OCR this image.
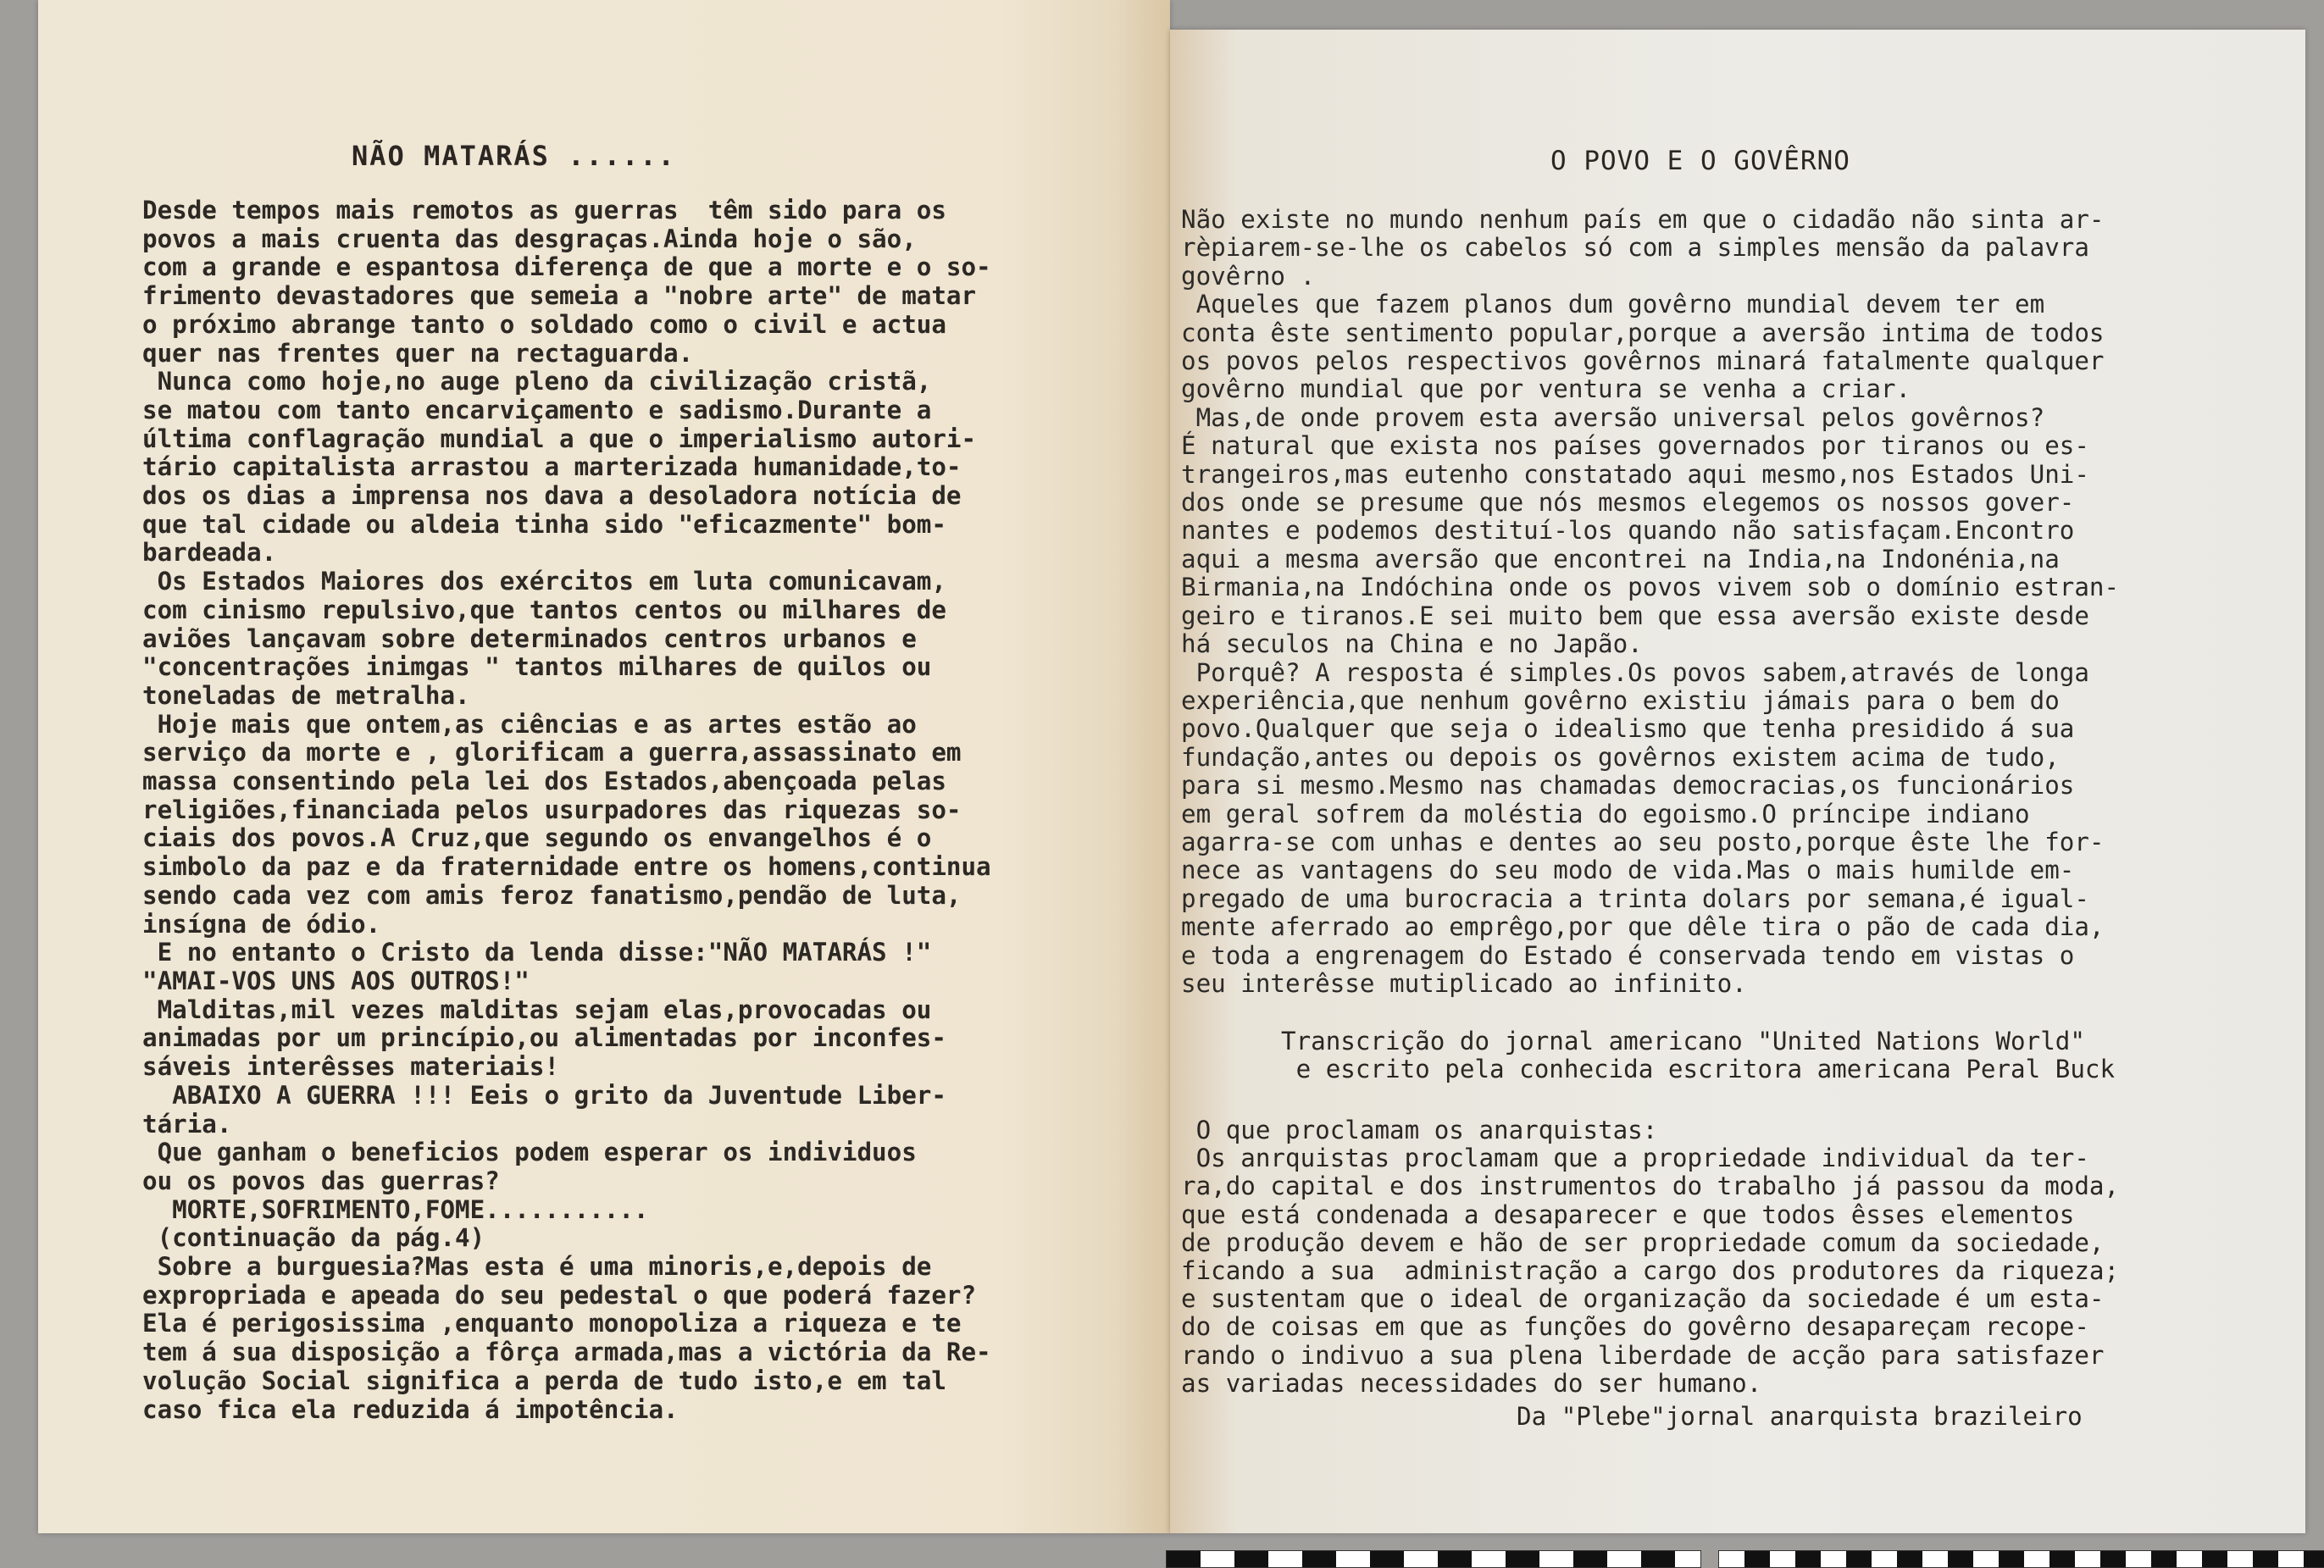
NÃO MATARÁS ......
Desde tempos mais remotos as guerras  têm sido para os
povos a mais cruenta das desgraças.Ainda hoje o são,
com a grande e espantosa diferença de que a morte e o so-
frimento devastadores que semeia a "nobre arte" de matar
o próximo abrange tanto o soldado como o civil e actua
quer nas frentes quer na rectaguarda.
Nunca como hoje,no auge pleno da civilização cristã,
se matou com tanto encarviçamento e sadismo.Durante a
última conflagração mundial a que o imperialismo autori-
tário capitalista arrastou a marterizada humanidade,to-
dos os dias a imprensa nos dava a desoladora notícia de
que tal cidade ou aldeia tinha sido "eficazmente" bom-
bardeada.
Os Estados Maiores dos exércitos em luta comunicavam,
com cinismo repulsivo,que tantos centos ou milhares de
aviões lançavam sobre determinados centros urbanos e
"concentrações inimgas " tantos milhares de quilos ou
toneladas de metralha.
Hoje mais que ontem,as ciências e as artes estão ao
serviço da morte e , glorificam a guerra,assassinato em
massa consentindo pela lei dos Estados,abençoada pelas
religiões,financiada pelos usurpadores das riquezas so-
ciais dos povos.A Cruz,que segundo os envangelhos é o
simbolo da paz e da fraternidade entre os homens,continua
sendo cada vez com amis feroz fanatismo,pendão de luta,
insígna de ódio.
E no entanto o Cristo da lenda disse:"NÃO MATARÁS !"
"AMAI-VOS UNS AOS OUTROS!"
Malditas,mil vezes malditas sejam elas,provocadas ou
animadas por um princípio,ou alimentadas por inconfes-
sáveis interêsses materiais!
ABAIXO A GUERRA !!! Eeis o grito da Juventude Liber-
tária.
Que ganham o beneficios podem esperar os individuos
ou os povos das guerras?
MORTE,SOFRIMENTO,FOME...........
(continuação da pág.4)
Sobre a burguesia?Mas esta é uma minoris,e,depois de
expropriada e apeada do seu pedestal o que poderá fazer?
Ela é perigosissima ,enquanto monopoliza a riqueza e te
tem á sua disposição a fôrça armada,mas a victória da Re-
volução Social significa a perda de tudo isto,e em tal
caso fica ela reduzida á impotência.
O POVO E O GOVÊRNO
Não existe no mundo nenhum país em que o cidadão não sinta ar-
rèpiarem-se-lhe os cabelos só com a simples mensão da palavra
govêrno .
Aqueles que fazem planos dum govêrno mundial devem ter em
conta êste sentimento popular,porque a aversão intima de todos
os povos pelos respectivos govêrnos minará fatalmente qualquer
govêrno mundial que por ventura se venha a criar.
Mas,de onde provem esta aversão universal pelos govêrnos?
É natural que exista nos países governados por tiranos ou es-
trangeiros,mas eutenho constatado aqui mesmo,nos Estados Uni-
dos onde se presume que nós mesmos elegemos os nossos gover-
nantes e podemos destituí-los quando não satisfaçam.Encontro
aqui a mesma aversão que encontrei na India,na Indonénia,na
Birmania,na Indóchina onde os povos vivem sob o domínio estran-
geiro e tiranos.E sei muito bem que essa aversão existe desde
há seculos na China e no Japão.
Porquê? A resposta é simples.Os povos sabem,através de longa
experiência,que nenhum govêrno existiu jámais para o bem do
povo.Qualquer que seja o idealismo que tenha presidido á sua
fundação,antes ou depois os govêrnos existem acima de tudo,
para si mesmo.Mesmo nas chamadas democracias,os funcionários
em geral sofrem da moléstia do egoismo.O príncipe indiano
agarra-se com unhas e dentes ao seu posto,porque êste lhe for-
nece as vantagens do seu modo de vida.Mas o mais humilde em-
pregado de uma burocracia a trinta dolars por semana,é igual-
mente aferrado ao emprêgo,por que dêle tira o pão de cada dia,
e toda a engrenagem do Estado é conservada tendo em vistas o
seu interêsse mutiplicado ao infinito.
Transcrição do jornal americano "United Nations World"
e escrito pela conhecida escritora americana Peral Buck
O que proclamam os anarquistas:
Os anrquistas proclamam que a propriedade individual da ter-
ra,do capital e dos instrumentos do trabalho já passou da moda,
que está condenada a desaparecer e que todos êsses elementos
de produção devem e hão de ser propriedade comum da sociedade,
ficando a sua  administração a cargo dos produtores da riqueza;
e sustentam que o ideal de organização da sociedade é um esta-
do de coisas em que as funções do govêrno desapareçam recope-
rando o indivuo a sua plena liberdade de acção para satisfazer
as variadas necessidades do ser humano.
Da "Plebe"jornal anarquista brazileiro
